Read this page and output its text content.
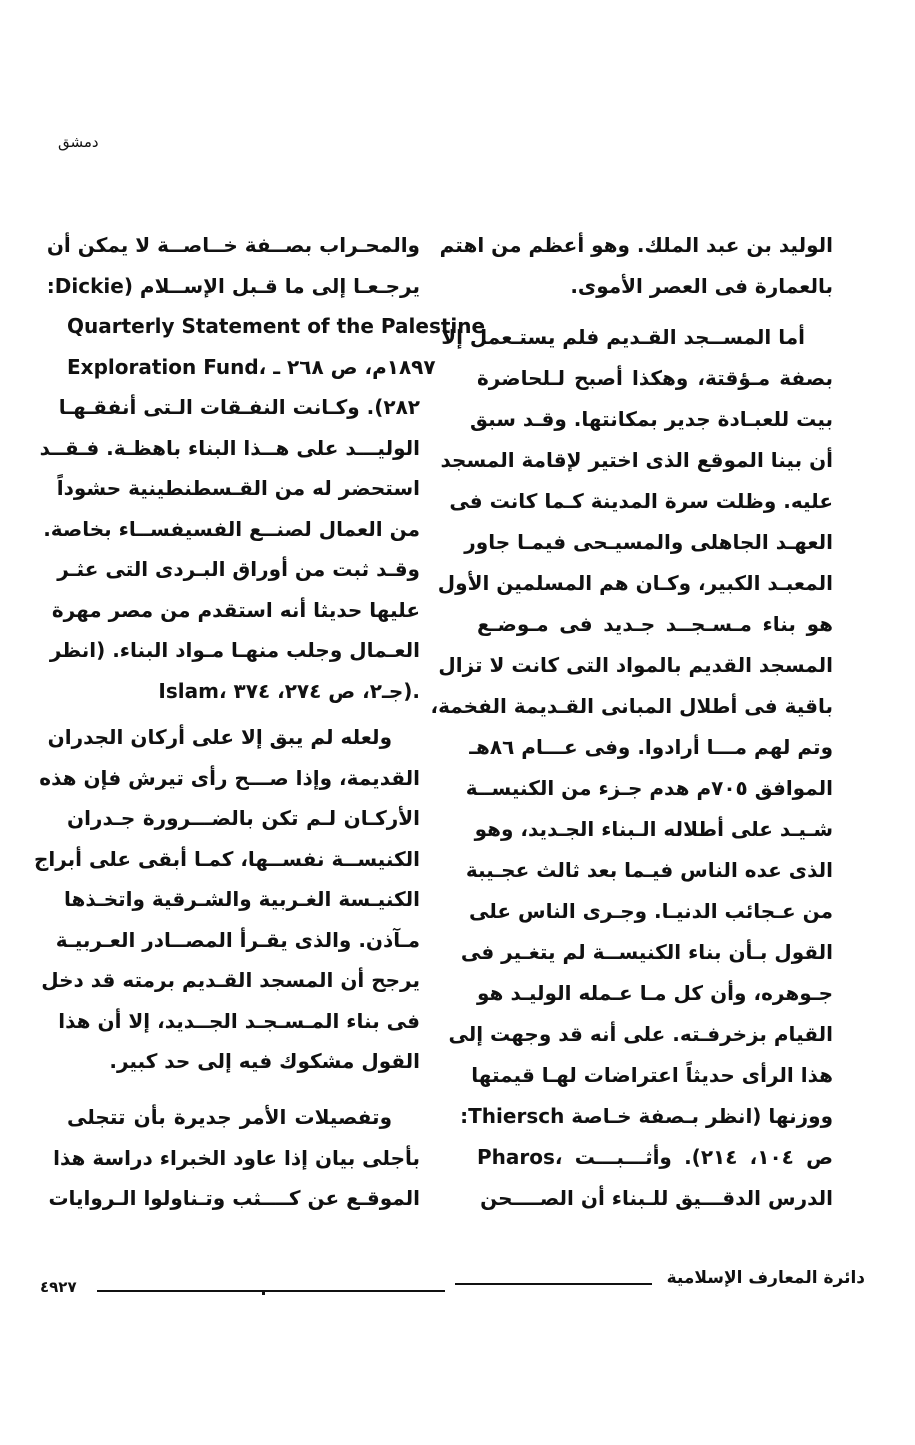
دمشق
الوليد بن عبد الملك. وهو أعظم من اهتم
بالعمارة فى العصر الأموى.
أما المســجد القـديم فلم يستـعمل إلا
بصفة مـؤقتة، وهكذا أصبح لـلحاضرة
بيت للعبـادة جدير بمكانتها. وقـد سبق
أن بينا الموقع الذى اختير لإقامة المسجد
عليه. وظلت سرة المدينة كـما كانت فى
العهـد الجاهلى والمسيـحى فيمـا جاور
المعبـد الكبير، وكـان هم المسلمين الأول
هو بناء مـسـجــد جـديد فى مـوضـع
المسجد القديم بالمواد التى كانت لا تزال
باقية فى أطلال المبانى القـديمة الفخمة،
وتم لهم مـــا أرادوا. وفى عـــام ٨٦هـ
الموافق ٧٠٥م هدم جـزء من الكنيســة
شـيـد على أطلاله الـبناء الجـديد، وهو
الذى عده الناس فيـما بعد ثالث عجـيبة
من عـجائب الدنيـا. وجـرى الناس على
القول بـأن بناء الكنيســة لم يتغـير فى
جـوهره، وأن كل مـا عـمله الوليـد هو
القيام بزخرفـته. على أنه قد وجهت إلى
هذا الرأى حديثاً اعتراضات لهـا قيمتها
ووزنها (انظر بـصفة خـاصة Thiersch:
Pharos، ص ١٠٤، ٢١٤). وأثـــبـــت
الدرس الدقـــيق للـبناء أن الصــــحن
والمحـراب بصــفة خــاصــة لا يمكن أن
يرجـعـا إلى ما قـبل الإســلام (Dickie:
Quarterly Statement of the Palestine
Exploration Fund، ١٨٩٧م، ص ٢٦٨ ـ
٢٨٢). وكـانت النفـقات الـتى أنفقـهـا
الوليـــد على هــذا البناء باهظـة. فـقــد
استحضر له من القـسطنطينية حشوداً
من العمال لصنــع الفسيفســاء بخاصة.
وقـد ثبت من أوراق البـردى التى عثـر
عليها حديثا أنه استقدم من مصر مهرة
العـمال وجلب منهـا مـواد البناء. (انظر
Islam، جـ٢، ص ٢٧٤، ٣٧٤).
ولعله لم يبق إلا على أركان الجدران
القديمة، وإذا صـــح رأى تيرش فإن هذه
الأركـان لـم تكن بالضـــرورة جـدران
الكنيســة نفســها، كمـا أبقى على أبراج
الكنيـسة الغـربية والشـرقية واتخـذها
مـآذن. والذى يقـرأ المصــادر العـربيـة
يرجح أن المسجد القـديم برمته قد دخل
فى بناء المـسـجـد الجــديد، إلا أن هذا
القول مشكوك فيه إلى حد كبير.
وتفصيلات الأمر جديرة بأن تتجلى
بأجلى بيان إذا عاود الخبراء دراسة هذا
الموقـع عن كــــثب وتـناولوا الـروايات
دائرة المعارف الإسلامية
٤٩٢٧
